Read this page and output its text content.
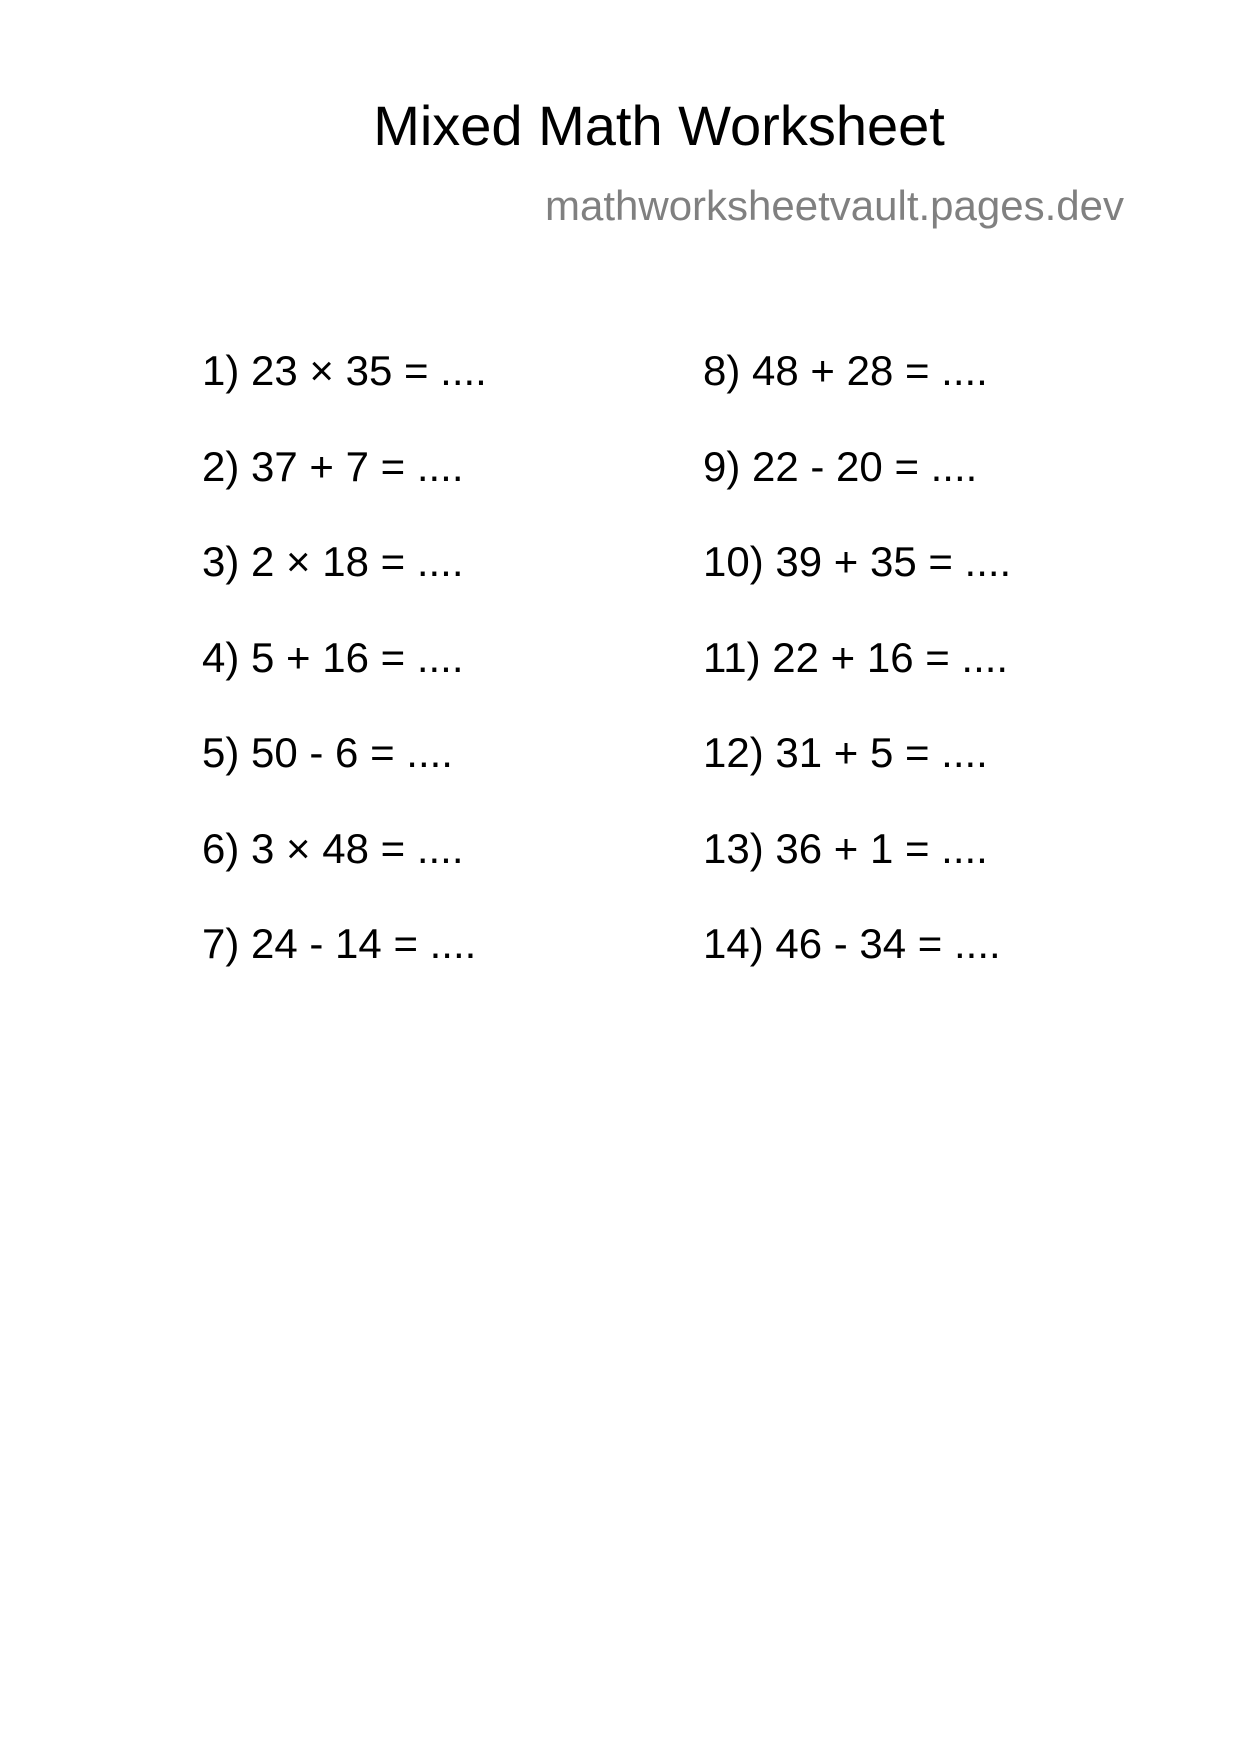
Mixed Math Worksheet
mathworksheetvault.pages.dev
1) 23 × 35 = ....
2) 37 + 7 = ....
3) 2 × 18 = ....
4) 5 + 16 = ....
5) 50 - 6 = ....
6) 3 × 48 = ....
7) 24 - 14 = ....
8) 48 + 28 = ....
9) 22 - 20 = ....
10) 39 + 35 = ....
11) 22 + 16 = ....
12) 31 + 5 = ....
13) 36 + 1 = ....
14) 46 - 34 = ....
